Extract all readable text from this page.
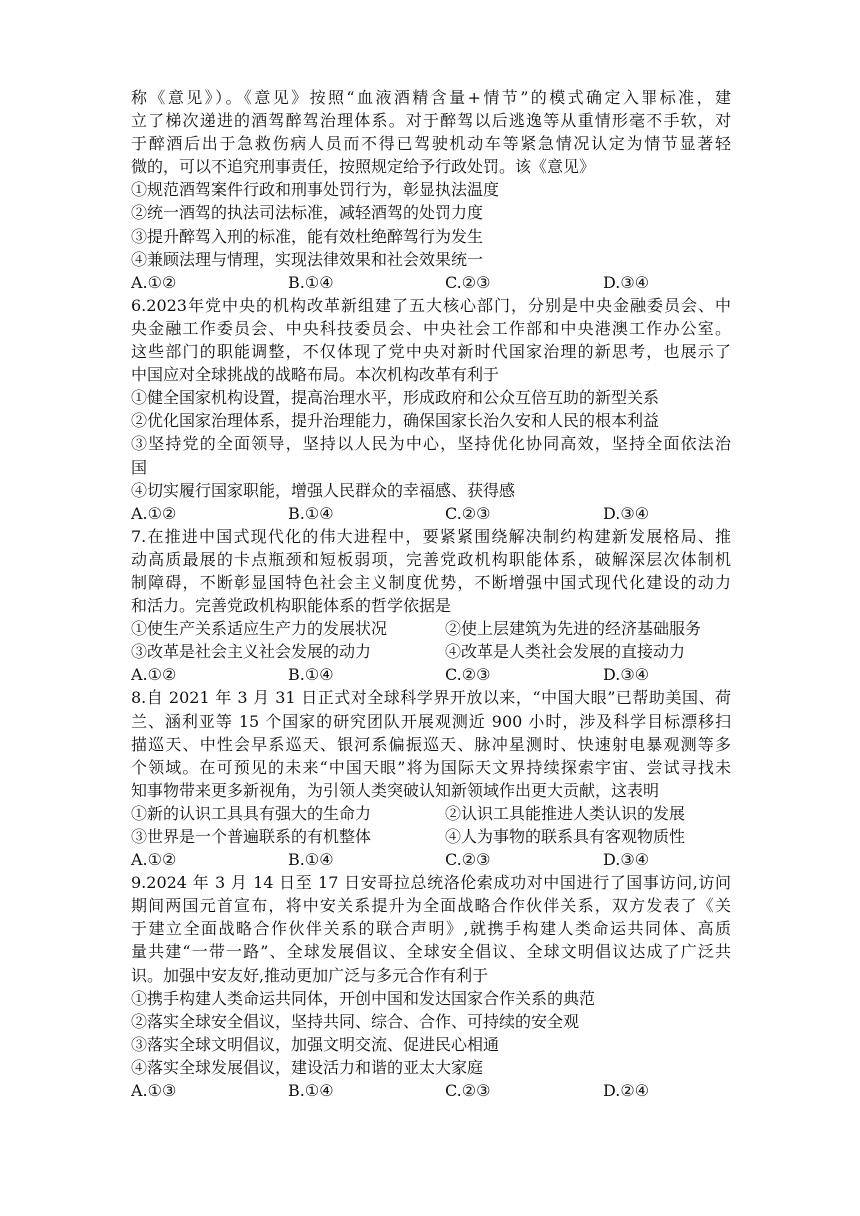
称《意见》）。《意见》按照“血液酒精含量+情节”的模式确定入罪标准，建
立了梯次递进的酒驾醉驾治理体系。对于醉驾以后逃逸等从重情形毫不手软，对
于醉酒后出于急救伤病人员而不得已驾驶机动车等紧急情况认定为情节显著轻
微的，可以不追究刑事责任，按照规定给予行政处罚。该《意见》
①规范酒驾案件行政和刑事处罚行为，彰显执法温度
②统一酒驾的执法司法标准，减轻酒驾的处罚力度
③提升醉驾入刑的标准，能有效杜绝醉驾行为发生
④兼顾法理与情理，实现法律效果和社会效果统一
A.①②	B.①④	C.②③	D.③④
6.2023年党中央的机构改革新组建了五大核心部门，分别是中央金融委员会、中
央金融工作委员会、中央科技委员会、中央社会工作部和中央港澳工作办公室。
这些部门的职能调整，不仅体现了党中央对新时代国家治理的新思考，也展示了
中国应对全球挑战的战略布局。本次机构改革有利于
①健全国家机构设置，提高治理水平，形成政府和公众互倍互助的新型关系
②优化国家治理体系，提升治理能力，确保国家长治久安和人民的根本利益
③坚持党的全面领导，坚持以人民为中心，坚持优化协同高效，坚持全面依法治
国
④切实履行国家职能，增强人民群众的幸福感、获得感
A.①②	B.①④	C.②③	D.③④
7.在推进中国式现代化的伟大进程中，要紧紧围绕解决制约构建新发展格局、推
动高质最展的卡点瓶颈和短板弱项，完善党政机构职能体系，破解深层次体制机
制障碍，不断彰显国特色社会主义制度优势，不断增强中国式现代化建设的动力
和活力。完善党政机构职能体系的哲学依据是
①使生产关系适应生产力的发展状况	②使上层建筑为先进的经济基础服务
③改革是社会主义社会发展的动力	④改革是人类社会发展的直接动力
A.①②	B.①④	C.②③	D.③④
8.自 2021 年 3 月 31 日正式对全球科学界开放以来，“中国大眼”已帮助美国、荷
兰、涵利亚等 15 个国家的研究团队开展观测近 900 小时，涉及科学目标漂移扫
描巡天、中性会早系巡天、银河系偏振巡天、脉冲星测时、快速射电暴观测等多
个领域。在可预见的未来“中国天眼”将为国际天文界持续探索宇宙、尝试寻找未
知事物带来更多新视角，为引领人类突破认知新领域作出更大贡献，这表明
①新的认识工具具有强大的生命力	②认识工具能推进人类认识的发展
③世界是一个普遍联系的有机整体	④人为事物的联系具有客观物质性
A.①②	B.①④	C.②③	D.③④
9.2024 年 3 月 14 日至 17 日安哥拉总统洛伦索成功对中国进行了国事访问,访问
期间两国元首宣布，将中安关系提升为全面战略合作伙伴关系，双方发表了《关
于建立全面战略合作伙伴关系的联合声明》,就携手构建人类命运共同体、高质
量共建“一带一路”、全球发展倡议、全球安全倡议、全球文明倡议达成了广泛共
识。加强中安友好,推动更加广泛与多元合作有利于
①携手构建人类命运共同体，开创中国和发达国家合作关系的典范
②落实全球安全倡议，坚持共同、综合、合作、可持续的安全观
③落实全球文明倡议，加强文明交流、促进民心相通
④落实全球发展倡议，建设活力和谐的亚太大家庭
A.①③	B.①④	C.②③	D.②④
